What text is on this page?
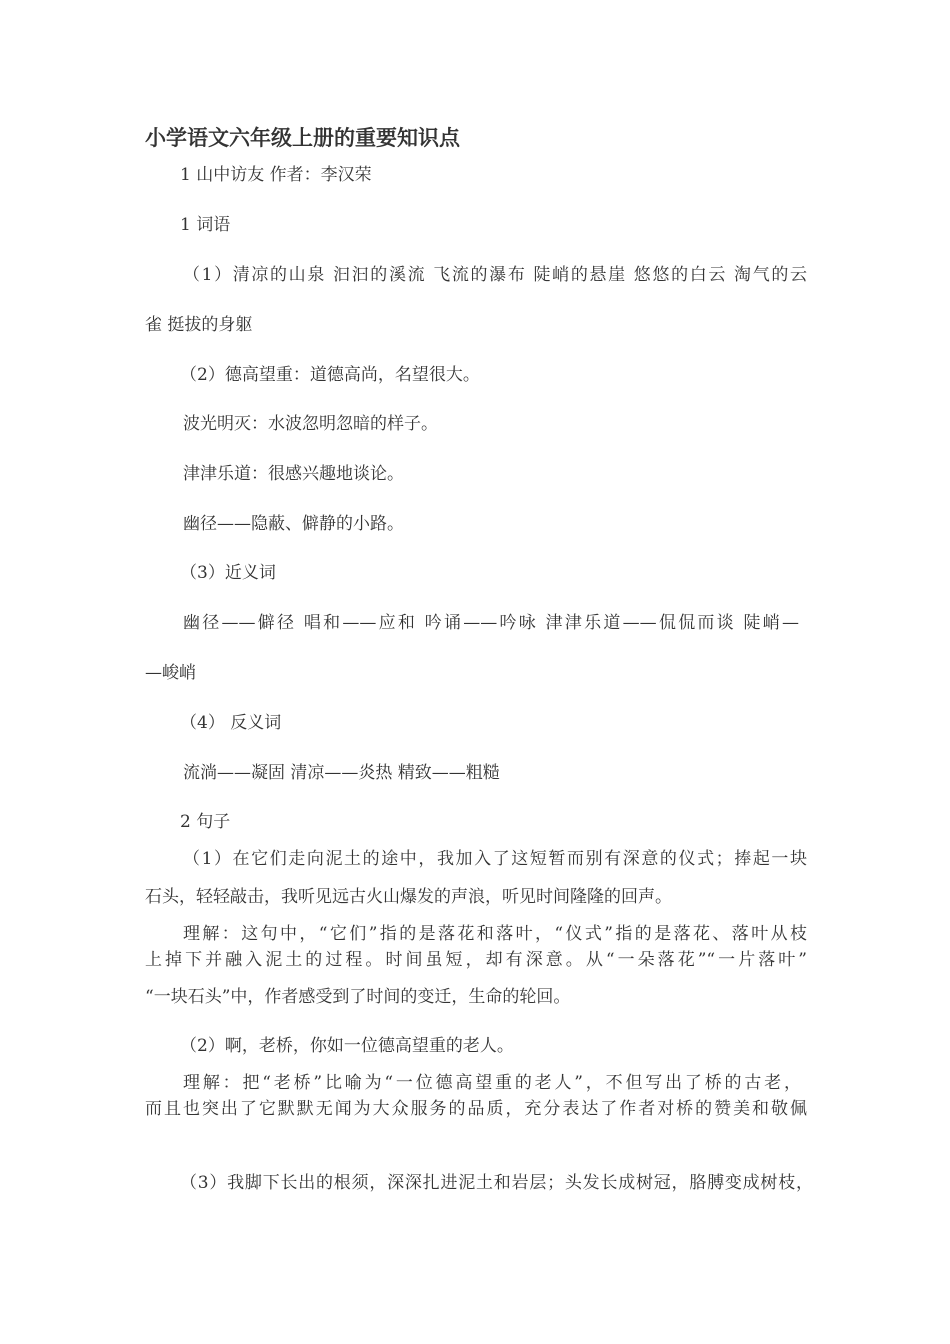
小学语文六年级上册的重要知识点
1 山中访友 作者：李汉荣
1 词语
（1）清凉的山泉 汩汩的溪流 飞流的瀑布 陡峭的悬崖 悠悠的白云 淘气的云
雀 挺拔的身躯
（2）德高望重：道德高尚，名望很大。
波光明灭：水波忽明忽暗的样子。
津津乐道：很感兴趣地谈论。
幽径——隐蔽、僻静的小路。
（3）近义词
幽径——僻径 唱和——应和 吟诵——吟咏 津津乐道——侃侃而谈 陡峭—
—峻峭
（4） 反义词
流淌——凝固 清凉——炎热 精致——粗糙
2 句子
（1）在它们走向泥土的途中，我加入了这短暂而别有深意的仪式；捧起一块
石头，轻轻敲击，我听见远古火山爆发的声浪，听见时间隆隆的回声。
理解：这句中，“它们”指的是落花和落叶，“仪式”指的是落花、落叶从枝
上掉下并融入泥土的过程。时间虽短，却有深意。从“一朵落花”“一片落叶”
“一块石头”中，作者感受到了时间的变迁，生命的轮回。
（2）啊，老桥，你如一位德高望重的老人。
理解：把“老桥”比喻为“一位德高望重的老人”，不但写出了桥的古老，
而且也突出了它默默无闻为大众服务的品质，充分表达了作者对桥的赞美和敬佩
（3）我脚下长出的根须，深深扎进泥土和岩层；头发长成树冠，胳膊变成树枝，
